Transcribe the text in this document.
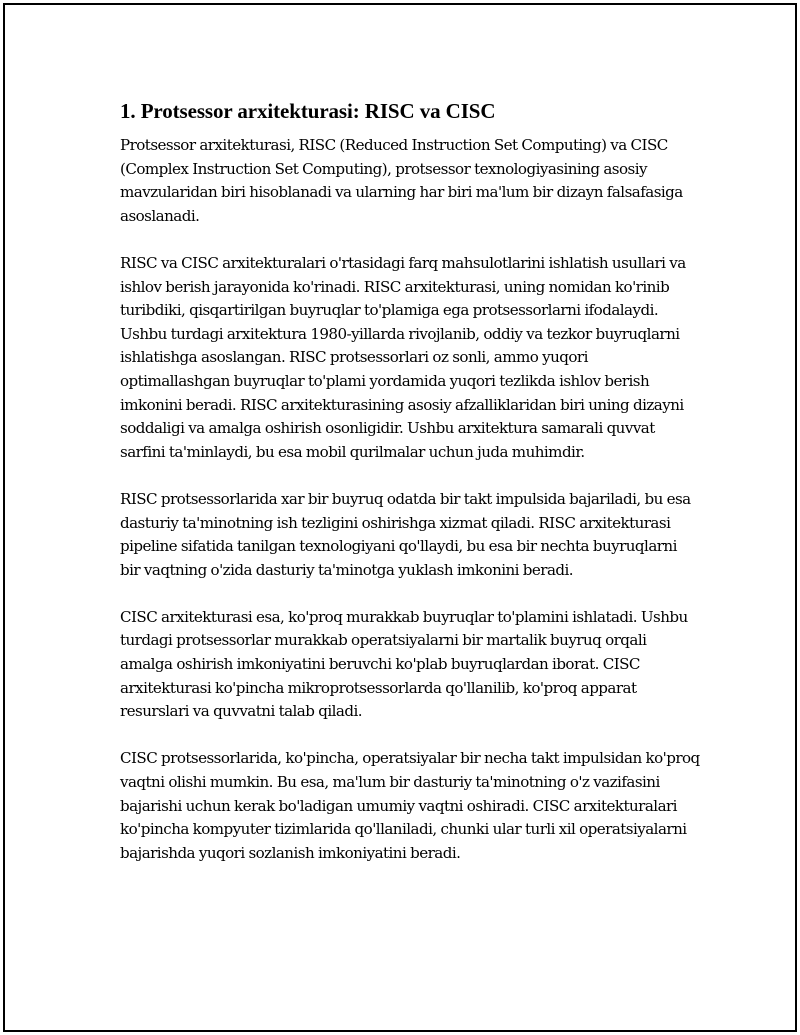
1. Protsessor arxitekturasi: RISC va CISC

Protsessor arxitekturasi, RISC (Reduced Instruction Set Computing) va CISC (Complex Instruction Set Computing), protsessor texnologiyasining asosiy mavzularidan biri hisoblanadi va ularning har biri ma'lum bir dizayn falsafasiga asoslanadi.

RISC va CISC arxitekturalari o'rtasidagi farq mahsulotlarini ishlatish usullari va ishlov berish jarayonida ko'rinadi. RISC arxitekturasi, uning nomidan ko'rinib turibdiki, qisqartirilgan buyruqlar to'plamiga ega protsessorlarni ifodalaydi. Ushbu turdagi arxitektura 1980-yillarda rivojlanib, oddiy va tezkor buyruqlarni ishlatishga asoslangan. RISC protsessorlari oz sonli, ammo yuqori optimallashgan buyruqlar to'plami yordamida yuqori tezlikda ishlov berish imkonini beradi. RISC arxitekturasining asosiy afzalliklaridan biri uning dizayni soddaligi va amalga oshirish osonligidir. Ushbu arxitektura samarali quvvat sarfini ta'minlaydi, bu esa mobil qurilmalar uchun juda muhimdir.

RISC protsessorlarida xar bir buyruq odatda bir takt impulsida bajariladi, bu esa dasturiy ta'minotning ish tezligini oshirishga xizmat qiladi. RISC arxitekturasi pipeline sifatida tanilgan texnologiyani qo'llaydi, bu esa bir nechta buyruqlarni bir vaqtning o'zida dasturiy ta'minotga yuklash imkonini beradi.

CISC arxitekturasi esa, ko'proq murakkab buyruqlar to'plamini ishlatadi. Ushbu turdagi protsessorlar murakkab operatsiyalarni bir martalik buyruq orqali amalga oshirish imkoniyatini beruvchi ko'plab buyruqlardan iborat. CISC arxitekturasi ko'pincha mikroprotsessorlarda qo'llanilib, ko'proq apparat resurslari va quvvatni talab qiladi.

CISC protsessorlarida, ko'pincha, operatsiyalar bir necha takt impulsidan ko'proq vaqtni olishi mumkin. Bu esa, ma'lum bir dasturiy ta'minotning o'z vazifasini bajarishi uchun kerak bo'ladigan umumiy vaqtni oshiradi. CISC arxitekturalari ko'pincha kompyuter tizimlarida qo'llaniladi, chunki ular turli xil operatsiyalarni bajarishda yuqori sozlanish imkoniyatini beradi.
